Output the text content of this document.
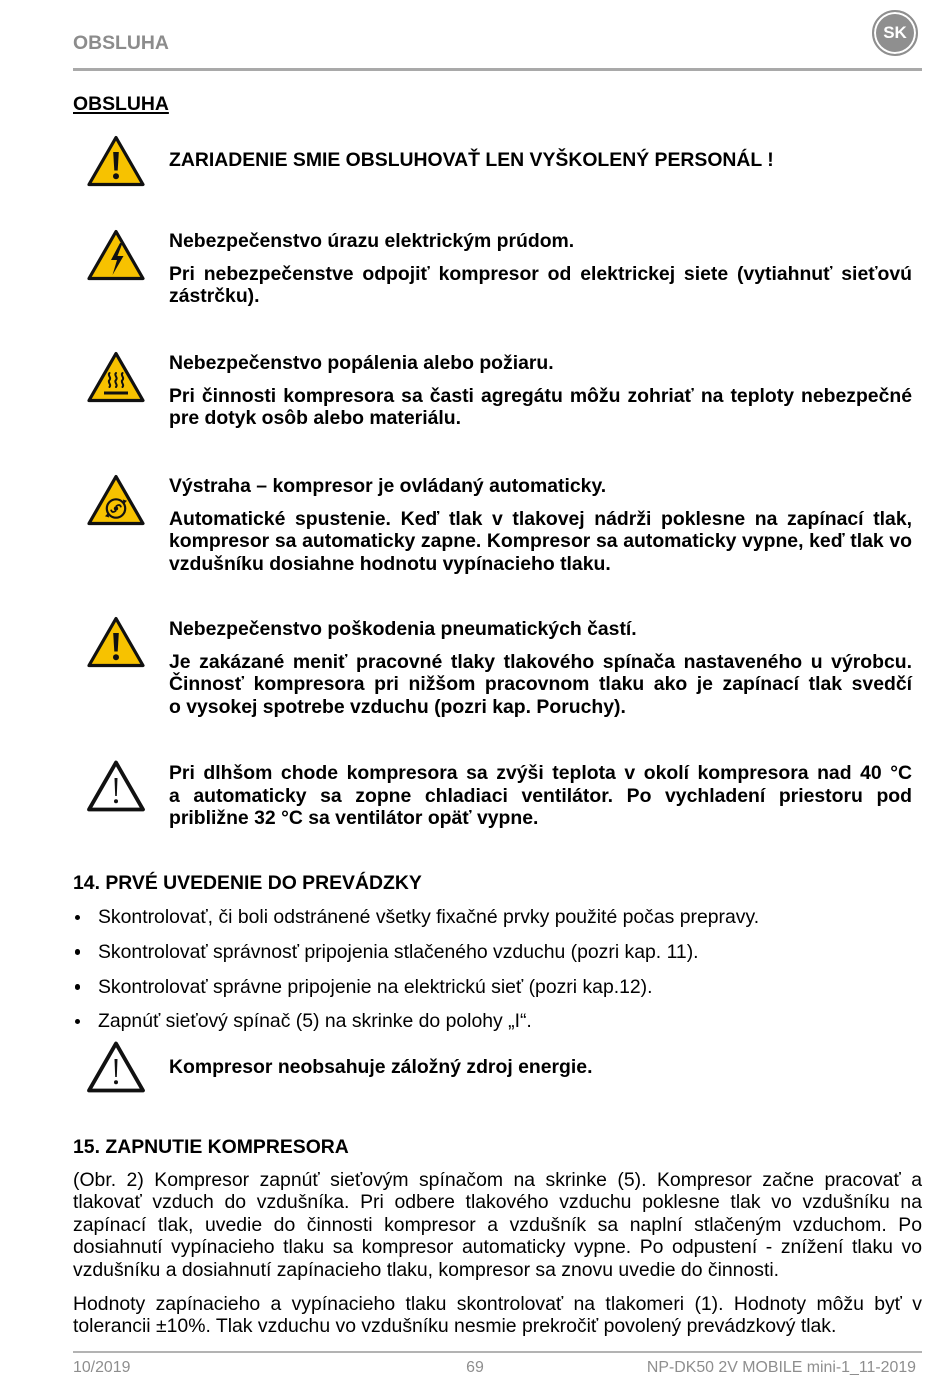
OBSLUHA	SK
OBSLUHA
ZARIADENIE SMIE OBSLUHOVAŤ LEN VYŠKOLENÝ PERSONÁL !
Nebezpečenstvo úrazu elektrickým prúdom.
Pri nebezpečenstve odpojiť kompresor od elektrickej siete (vytiahnuť sieťovú
zástrčku).
Nebezpečenstvo popálenia alebo požiaru.
Pri činnosti kompresora sa časti agregátu môžu zohriať na teploty nebezpečné
pre dotyk osôb alebo materiálu.
Výstraha – kompresor je ovládaný automaticky.
Automatické spustenie. Keď tlak v tlakovej nádrži poklesne na zapínací tlak,
kompresor sa automaticky zapne. Kompresor sa automaticky vypne, keď tlak vo
vzdušníku dosiahne hodnotu vypínacieho tlaku.
Nebezpečenstvo poškodenia pneumatických častí.
Je zakázané meniť pracovné tlaky tlakového spínača nastaveného u výrobcu.
Činnosť kompresora pri nižšom pracovnom tlaku ako je zapínací tlak svedčí
o vysokej spotrebe vzduchu (pozri kap. Poruchy).
Pri dlhšom chode kompresora sa zvýši teplota v okolí kompresora nad 40 °C
a automaticky sa zopne chladiaci ventilátor. Po vychladení priestoru pod
približne 32 °C sa ventilátor opäť vypne.
14. PRVÉ UVEDENIE DO PREVÁDZKY
Skontrolovať, či boli odstránené všetky fixačné prvky použité počas prepravy.
Skontrolovať správnosť pripojenia stlačeného vzduchu (pozri kap. 11).
Skontrolovať správne pripojenie na elektrickú sieť (pozri kap.12).
Zapnúť sieťový spínač (5) na skrinke do polohy „I“.
Kompresor neobsahuje záložný zdroj energie.
15. ZAPNUTIE KOMPRESORA
(Obr. 2) Kompresor zapnúť sieťovým spínačom na skrinke (5). Kompresor začne pracovať a
tlakovať vzduch do vzdušníka. Pri odbere tlakového vzduchu poklesne tlak vo vzdušníku na
zapínací tlak, uvedie do činnosti kompresor a vzdušník sa naplní stlačeným vzduchom. Po
dosiahnutí vypínacieho tlaku sa kompresor automaticky vypne. Po odpustení - znížení tlaku vo
vzdušníku a dosiahnutí zapínacieho tlaku, kompresor sa znovu uvedie do činnosti.
Hodnoty zapínacieho a vypínacieho tlaku skontrolovať na tlakomeri (1). Hodnoty môžu byť v
tolerancii ±10%. Tlak vzduchu vo vzdušníku nesmie prekročiť povolený prevádzkový tlak.
10/2019	69	NP-DK50 2V MOBILE mini-1_11-2019
